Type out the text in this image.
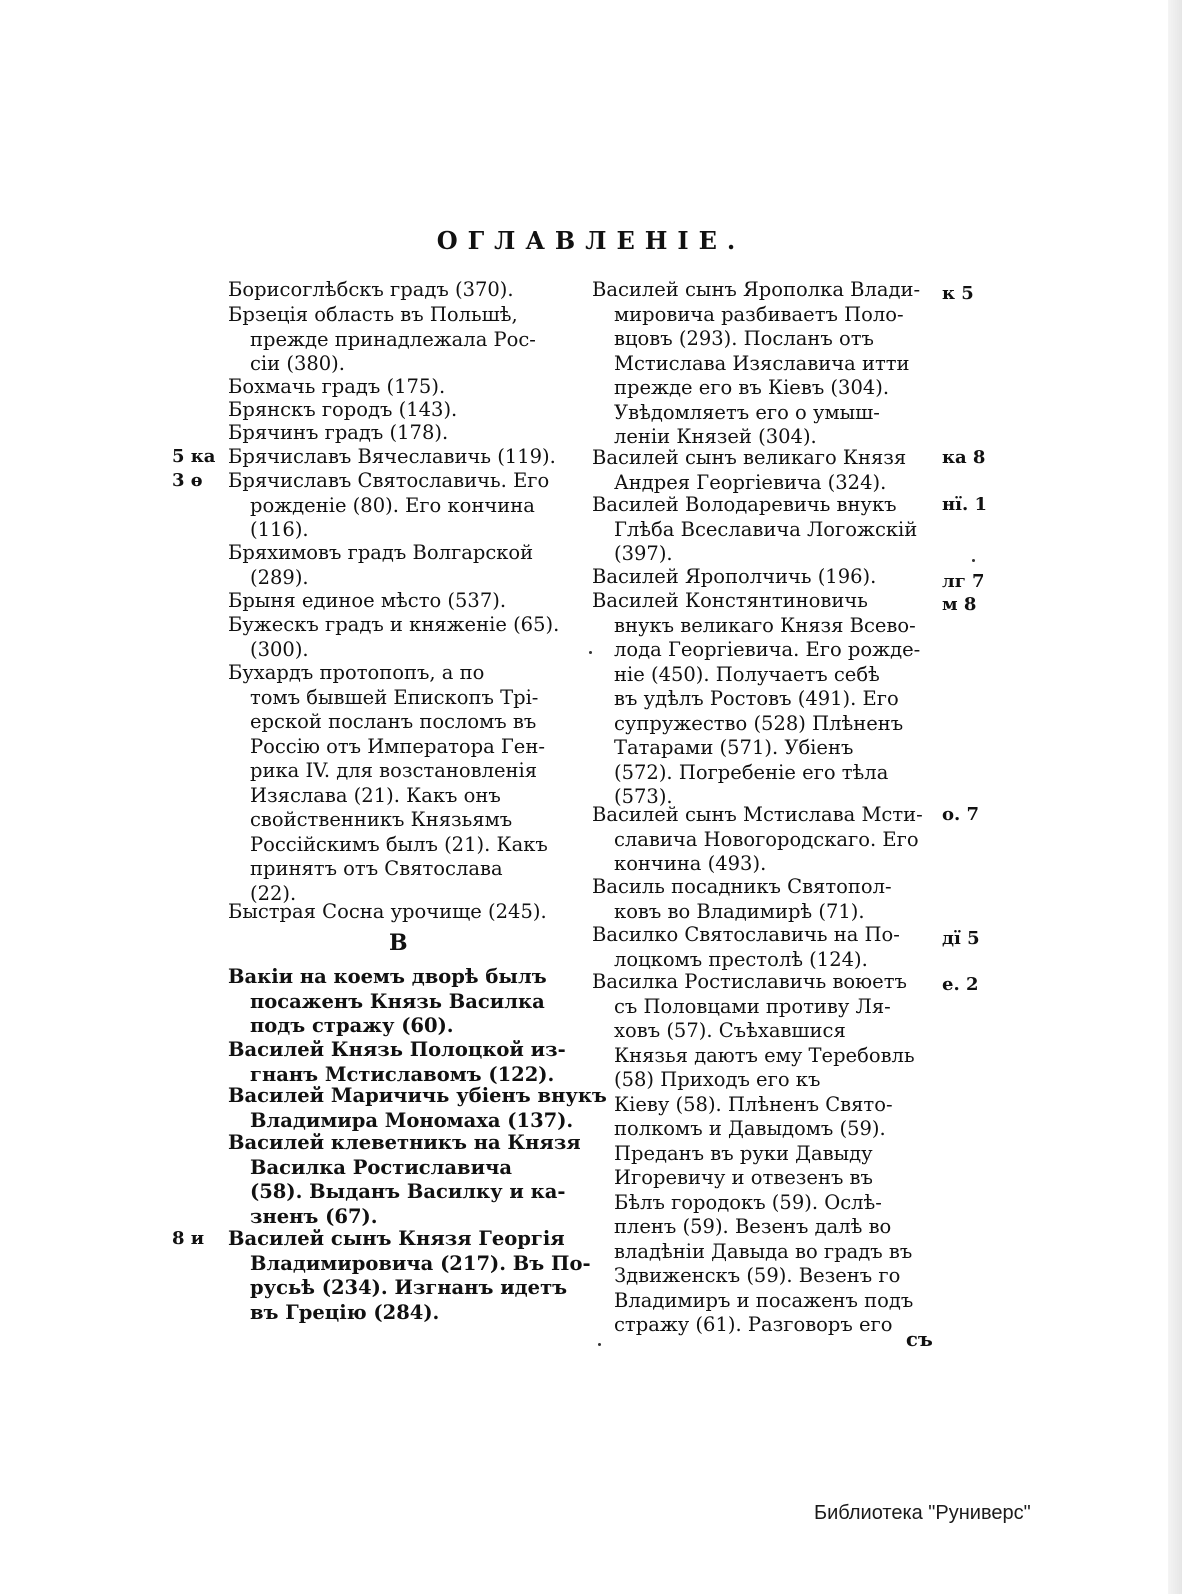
ОГЛАВЛЕНІЕ.
Борисоглѣбскъ градъ (370).
Брзеція область въ Польшѣ,
прежде принадлежала Рос-
сіи (380).
Бохмачь градъ (175).
Брянскъ городъ (143).
Брячинъ градъ (178).
Брячиславъ Вячеславичь (119).
Брячиславъ Святославичь. Его
рожденіе (80). Его кончина
(116).
Бряхимовъ градъ Волгарской
(289).
Брыня единое мѣсто (537).
Бужескъ градъ и княженіе (65).
(300).
Бухардъ протопопъ, а по
томъ бывшей Епископъ Трі-
ерской посланъ посломъ въ
Россію отъ Императора Ген-
рика IV. для возстановленія
Изяслава (21). Какъ онъ
свойственникъ Князьямъ
Россійскимъ былъ (21). Какъ
принятъ отъ Святослава
(22).
Быстрая Сосна урочище (245).
В
Вакіи на коемъ дворѣ былъ
посаженъ Князь Василка
подъ стражу (60).
Василей Князь Полоцкой из-
гнанъ Мстиславомъ (122).
Василей Маричичь убіенъ внукъ
Владимира Мономаха (137).
Василей клеветникъ на Князя
Василка Ростиславича
(58). Выданъ Василку и ка-
зненъ (67).
Василей сынъ Князя Георгія
Владимировича (217). Въ По-
русьѣ (234). Изгнанъ идетъ
въ Грецію (284).
5 ка
3 ѳ
8 и
Василей сынъ Ярополка Влади-
мировича разбиваетъ Поло-
вцовъ (293). Посланъ отъ
Мстислава Изяславича итти
прежде его въ Кіевъ (304).
Увѣдомляетъ его о умыш-
леніи Князей (304).
Василей сынъ великаго Князя
Андрея Георгіевича (324).
Василей Володаревичь внукъ
Глѣба Всеславича Логожскій
(397).
Василей Ярополчичь (196).
Василей Констянтиновичь
внукъ великаго Князя Всево-
лода Георгіевича. Его рожде-
ніе (450). Получаетъ себѣ
въ удѣлъ Ростовъ (491). Его
супружество (528) Плѣненъ
Татарами (571). Убіенъ
(572). Погребеніе его тѣла
(573).
Василей сынъ Мстислава Мсти-
славича Новогородскаго. Его
кончина (493).
Василь посадникъ Святопол-
ковъ во Владимирѣ (71).
Василко Святославичь на По-
лоцкомъ престолѣ (124).
Василка Ростиславичь воюетъ
съ Половцами противу Ля-
ховъ (57). Съѣхавшися
Князья даютъ ему Теребовль
(58) Приходъ его къ
Кіеву (58). Плѣненъ Свято-
полкомъ и Давыдомъ (59).
Преданъ въ руки Давыду
Игоревичу и отвезенъ въ
Бѣлъ городокъ (59). Ослѣ-
пленъ (59). Везенъ далѣ во
владѣніи Давыда во градъ въ
Здвиженскъ (59). Везенъ го
Владимиръ и посаженъ подъ
стражу (61). Разговоръ его
съ
к 5
ка 8
нї. 1
лг 7
м 8
о. 7
дї 5
е. 2
Библиотека "Руниверс"
